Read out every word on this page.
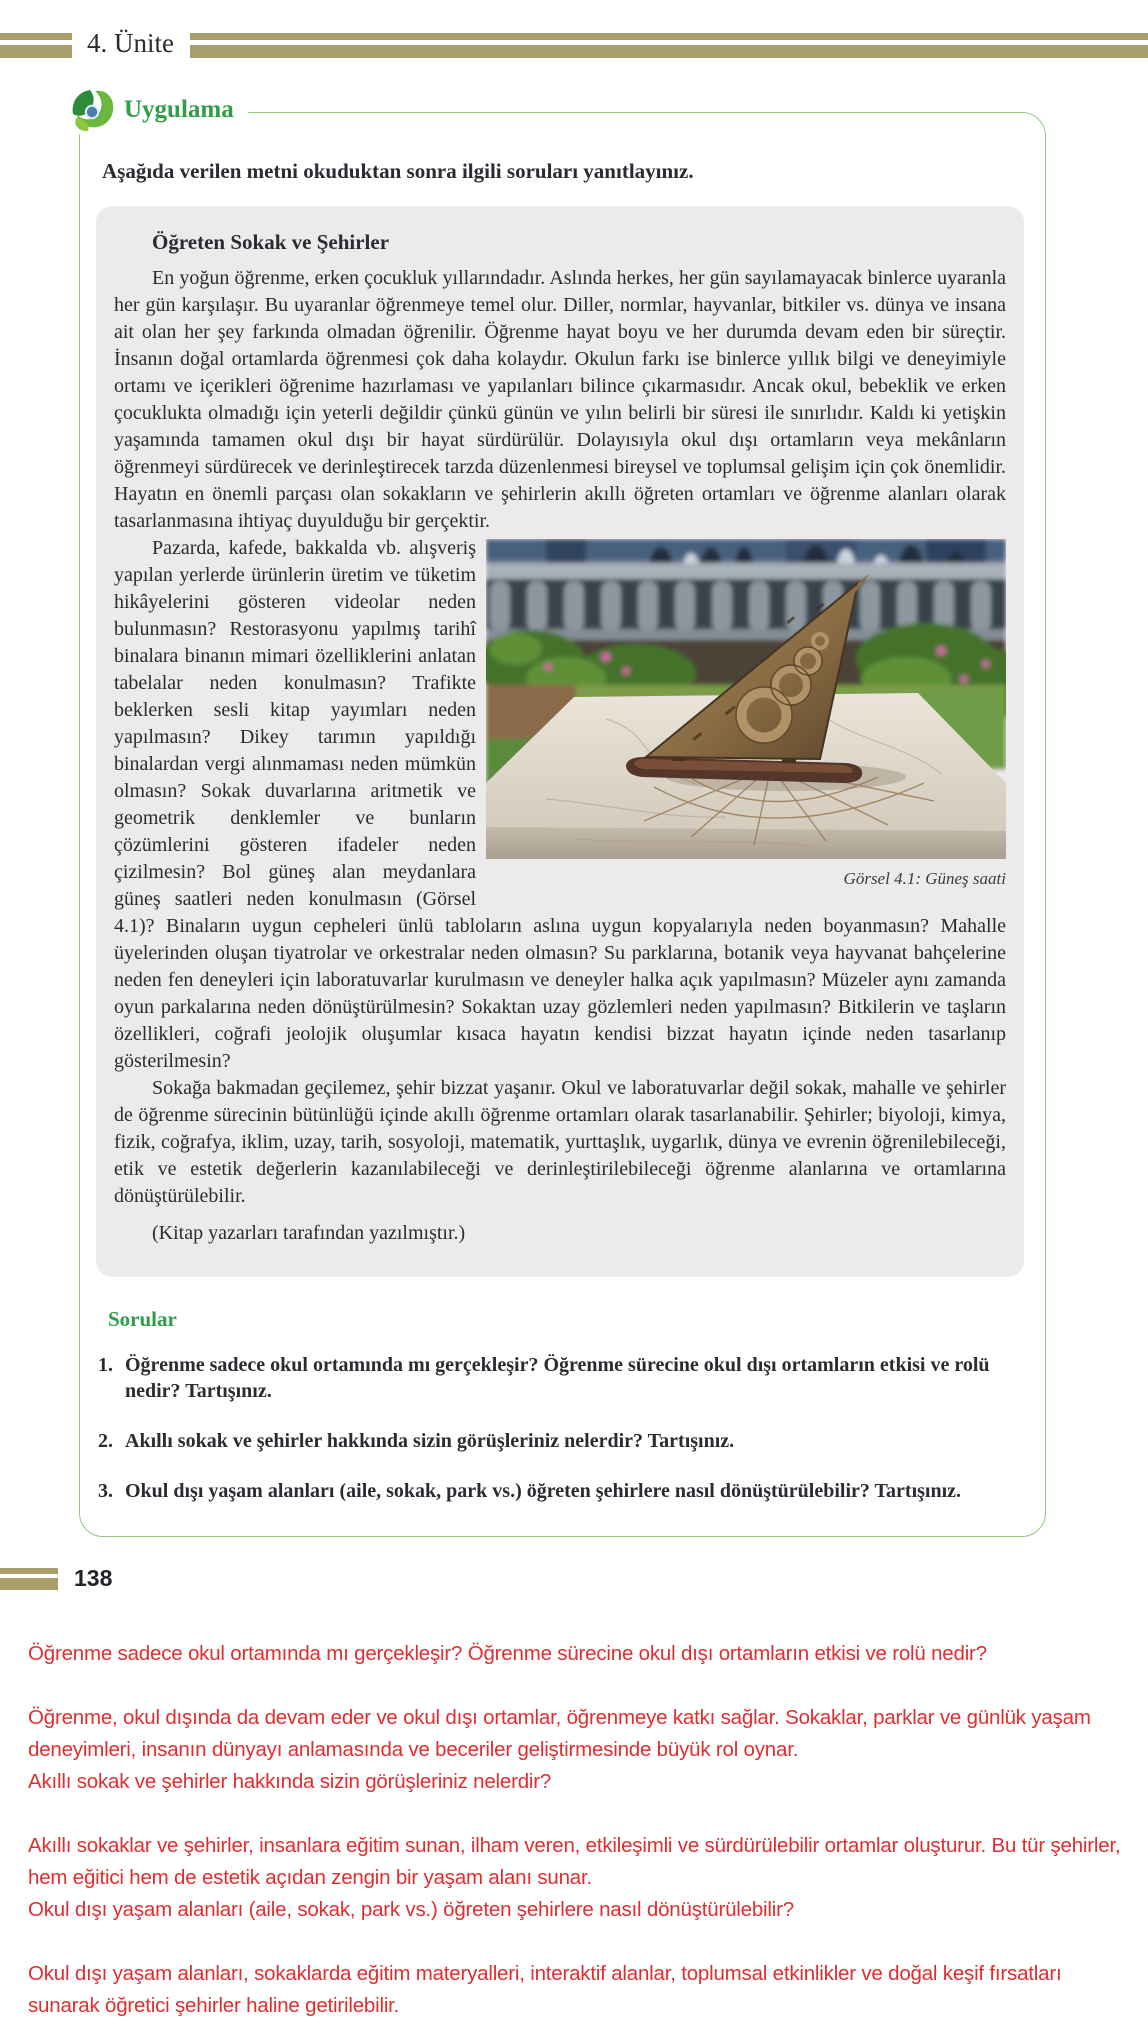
4. Ünite
Uygulama
Aşağıda verilen metni okuduktan sonra ilgili soruları yanıtlayınız.
Öğreten Sokak ve Şehirler

En yoğun öğrenme, erken çocukluk yıllarındadır. Aslında herkes, her gün sayılamayacak binlerce uyaranla her gün karşılaşır. Bu uyaranlar öğrenmeye temel olur. Diller, normlar, hayvanlar, bitkiler vs. dünya ve insana ait olan her şey farkında olmadan öğrenilir. Öğrenme hayat boyu ve her durumda devam eden bir süreçtir. İnsanın doğal ortamlarda öğrenmesi çok daha kolaydır. Okulun farkı ise binlerce yıllık bilgi ve deneyimiyle ortamı ve içerikleri öğrenime hazırlaması ve yapılanları bilince çıkarmasıdır. Ancak okul, bebeklik ve erken çocuklukta olmadığı için yeterli değildir çünkü günün ve yılın belirli bir süresi ile sınırlıdır. Kaldı ki yetişkin yaşamında tamamen okul dışı bir hayat sürdürülür. Dolayısıyla okul dışı ortamların veya mekânların öğrenmeyi sürdürecek ve derinleştirecek tarzda düzenlenmesi bireysel ve toplumsal gelişim için çok önemlidir. Hayatın en önemli parçası olan sokakların ve şehirlerin akıllı öğreten ortamları ve öğrenme alanları olarak tasarlanmasına ihtiyaç duyulduğu bir gerçektir.

Görsel 4.1: Güneş saati

Pazarda, kafede, bakkalda vb. alışveriş yapılan yerlerde ürünlerin üretim ve tüketim hikâyelerini gösteren videolar neden bulunmasın? Restorasyonu yapılmış tarihî binalara binanın mimari özelliklerini anlatan tabelalar neden konulmasın? Trafikte beklerken sesli kitap yayımları neden yapılmasın? Dikey tarımın yapıldığı binalardan vergi alınmaması neden mümkün olmasın? Sokak duvarlarına aritmetik ve geometrik denklemler ve bunların çözümlerini gösteren ifadeler neden çizilmesin? Bol güneş alan meydanlara güneş saatleri neden konulmasın (Görsel 4.1)? Binaların uygun cepheleri ünlü tabloların aslına uygun kopyalarıyla neden boyanmasın? Mahalle üyelerinden oluşan tiyatrolar ve orkestralar neden olmasın? Su parklarına, botanik veya hayvanat bahçelerine neden fen deneyleri için laboratuvarlar kurulmasın ve deneyler halka açık yapılmasın? Müzeler aynı zamanda oyun parkalarına neden dönüştürülmesin? Sokaktan uzay gözlemleri neden yapılmasın? Bitkilerin ve taşların özellikleri, coğrafi jeolojik oluşumlar kısaca hayatın kendisi bizzat hayatın içinde neden tasarlanıp gösterilmesin?

Sokağa bakmadan geçilemez, şehir bizzat yaşanır. Okul ve laboratuvarlar değil sokak, mahalle ve şehirler de öğrenme sürecinin bütünlüğü içinde akıllı öğrenme ortamları olarak tasarlanabilir. Şehirler; biyoloji, kimya, fizik, coğrafya, iklim, uzay, tarih, sosyoloji, matematik, yurttaşlık, uygarlık, dünya ve evrenin öğrenilebileceği, etik ve estetik değerlerin kazanılabileceği ve derinleştirilebileceği öğrenme alanlarına ve ortamlarına dönüştürülebilir.

(Kitap yazarları tarafından yazılmıştır.)

Sorular
1. Öğrenme sadece okul ortamında mı gerçekleşir? Öğrenme sürecine okul dışı ortamların etkisi ve rolü nedir? Tartışınız.
2. Akıllı sokak ve şehirler hakkında sizin görüşleriniz nelerdir? Tartışınız.
3. Okul dışı yaşam alanları (aile, sokak, park vs.) öğreten şehirlere nasıl dönüştürülebilir? Tartışınız.
138

Öğrenme sadece okul ortamında mı gerçekleşir? Öğrenme sürecine okul dışı ortamların etkisi ve rolü nedir?

Öğrenme, okul dışında da devam eder ve okul dışı ortamlar, öğrenmeye katkı sağlar. Sokaklar, parklar ve günlük yaşam deneyimleri, insanın dünyayı anlamasında ve beceriler geliştirmesinde büyük rol oynar.

Akıllı sokak ve şehirler hakkında sizin görüşleriniz nelerdir?

Akıllı sokaklar ve şehirler, insanlara eğitim sunan, ilham veren, etkileşimli ve sürdürülebilir ortamlar oluşturur. Bu tür şehirler, hem eğitici hem de estetik açıdan zengin bir yaşam alanı sunar.

Okul dışı yaşam alanları (aile, sokak, park vs.) öğreten şehirlere nasıl dönüştürülebilir?

Okul dışı yaşam alanları, sokaklarda eğitim materyalleri, interaktif alanlar, toplumsal etkinlikler ve doğal keşif fırsatları sunarak öğretici şehirler haline getirilebilir.
